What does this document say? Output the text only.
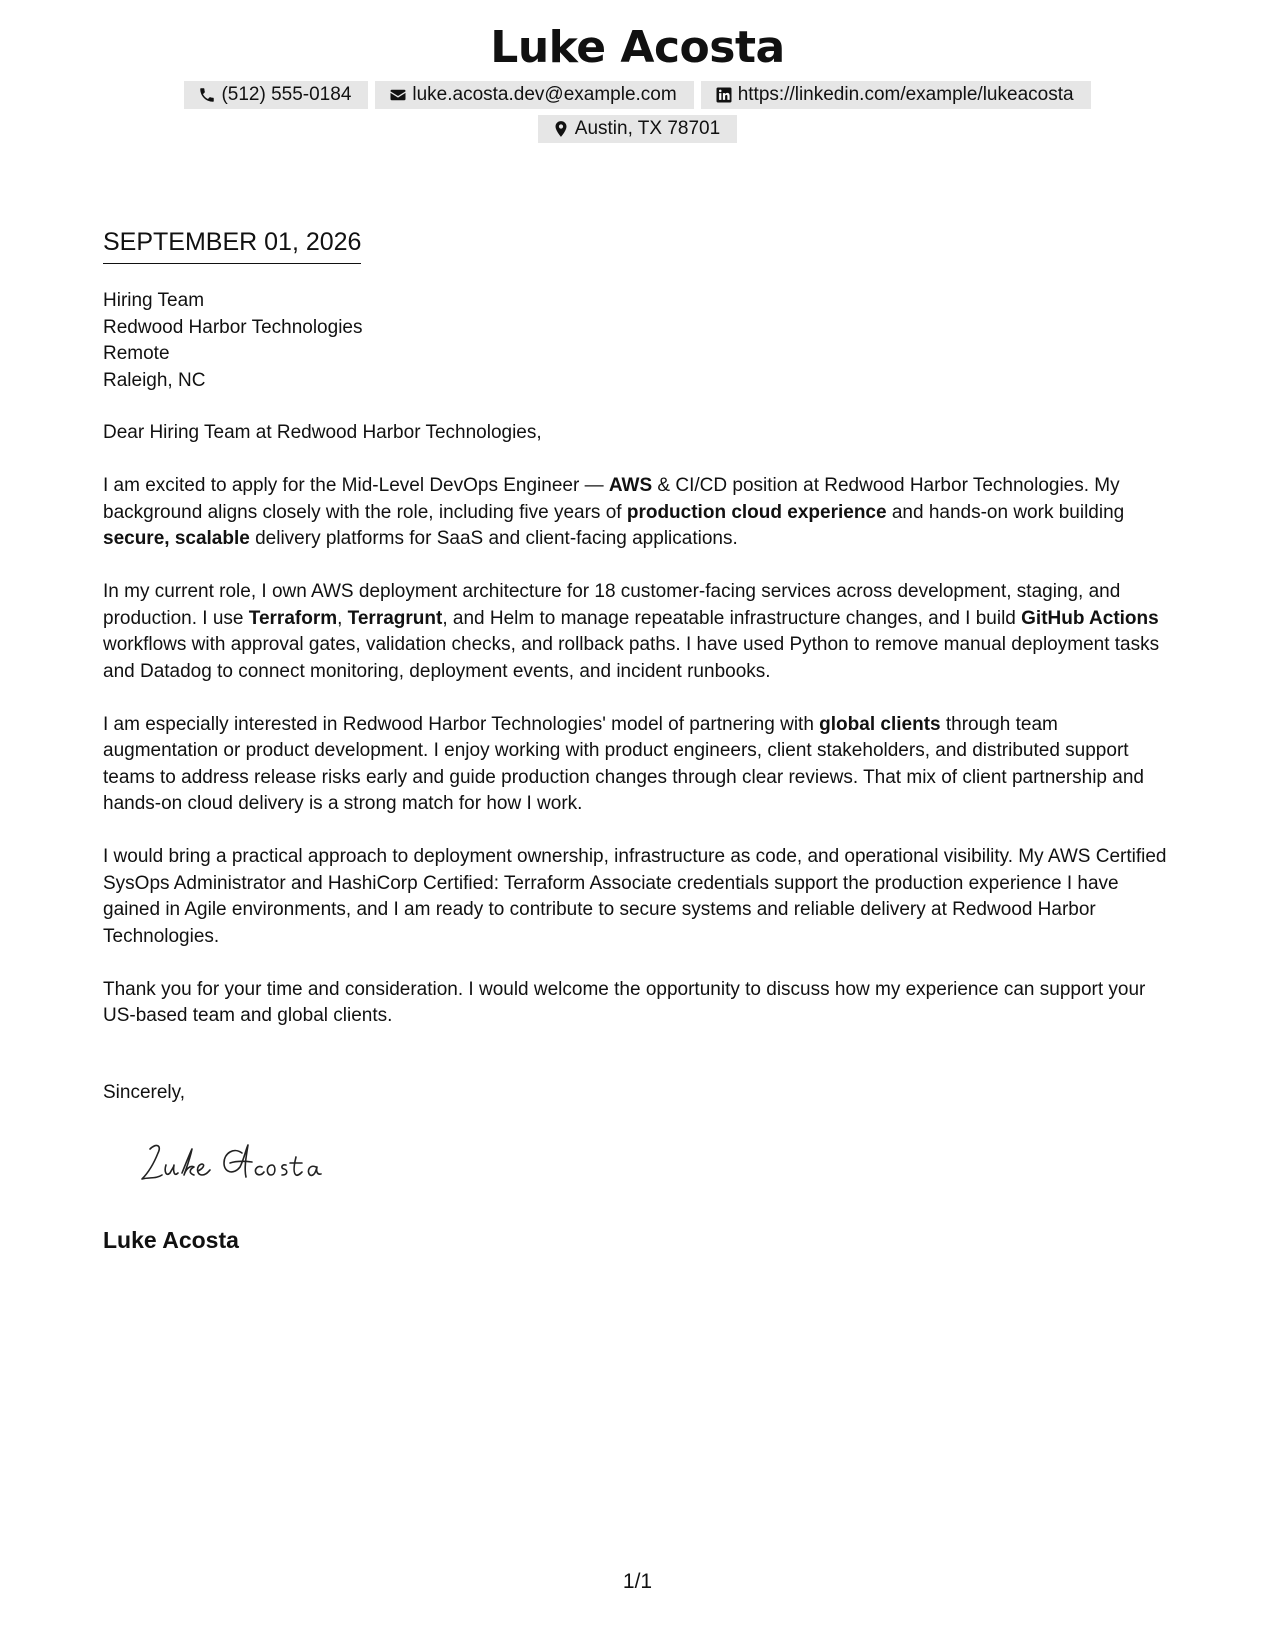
Luke Acosta
(512) 555-0184	luke.acosta.dev@example.com	https://linkedin.com/example/lukeacosta
Austin, TX 78701
SEPTEMBER 01, 2026
Hiring Team
Redwood Harbor Technologies
Remote
Raleigh, NC

Dear Hiring Team at Redwood Harbor Technologies,

I am excited to apply for the Mid-Level DevOps Engineer — AWS & CI/CD position at Redwood Harbor Technologies. My background aligns closely with the role, including five years of production cloud experience and hands-on work building secure, scalable delivery platforms for SaaS and client-facing applications.

In my current role, I own AWS deployment architecture for 18 customer-facing services across development, staging, and production. I use Terraform, Terragrunt, and Helm to manage repeatable infrastructure changes, and I build GitHub Actions workflows with approval gates, validation checks, and rollback paths. I have used Python to remove manual deployment tasks and Datadog to connect monitoring, deployment events, and incident runbooks.

I am especially interested in Redwood Harbor Technologies' model of partnering with global clients through team augmentation or product development. I enjoy working with product engineers, client stakeholders, and distributed support teams to address release risks early and guide production changes through clear reviews. That mix of client partnership and hands-on cloud delivery is a strong match for how I work.

I would bring a practical approach to deployment ownership, infrastructure as code, and operational visibility. My AWS Certified SysOps Administrator and HashiCorp Certified: Terraform Associate credentials support the production experience I have gained in Agile environments, and I am ready to contribute to secure systems and reliable delivery at Redwood Harbor Technologies.

Thank you for your time and consideration. I would welcome the opportunity to discuss how my experience can support your US-based team and global clients.

Sincerely,
Luke Acosta
1/1
